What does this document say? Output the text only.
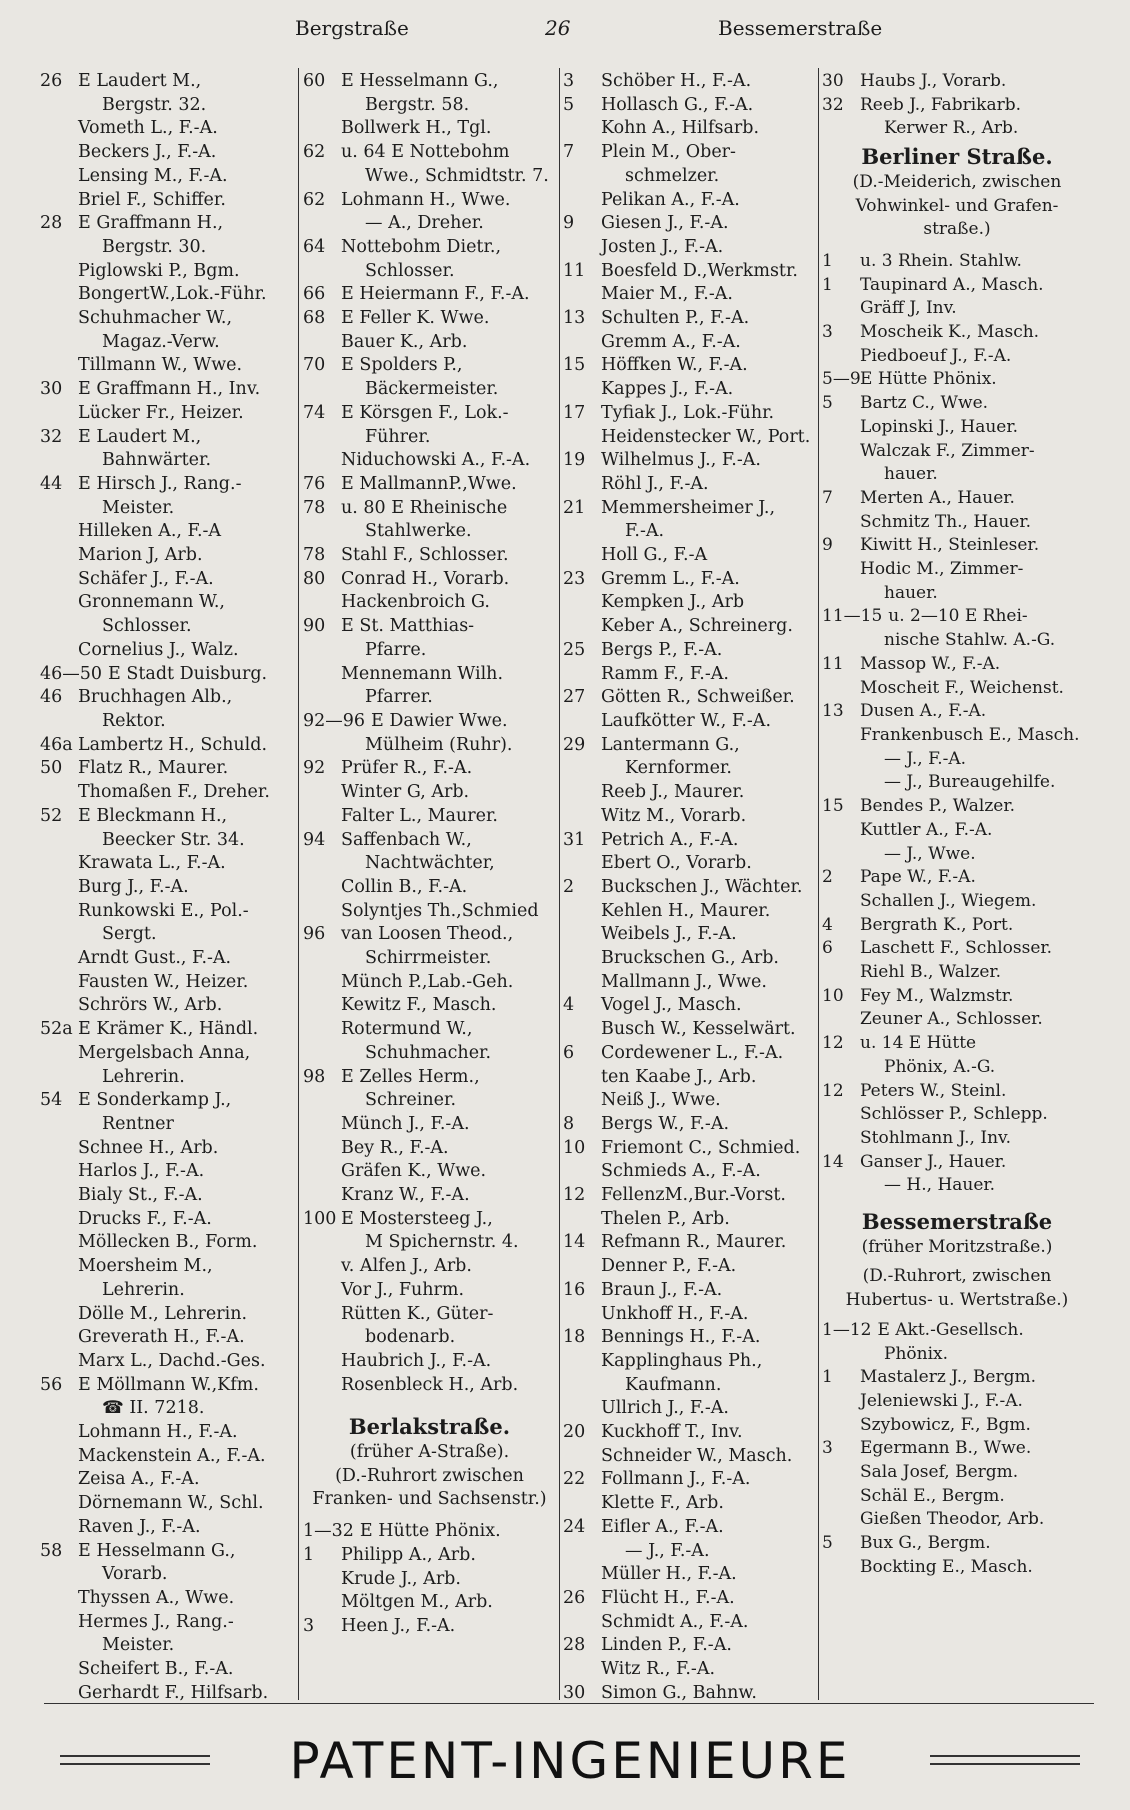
Bergstraße	26	Bessemerstraße
26 E Laudert M.,
Bergstr. 32.
Vometh L., F.-A.
Beckers J., F.-A.
Lensing M., F.-A.
Briel F., Schiffer.
28 E Graffmann H.,
Bergstr. 30.
Piglowski P., Bgm.
BongertW.,Lok.-Führ.
Schuhmacher W.,
Magaz.-Verw.
Tillmann W., Wwe.
30 E Graffmann H., Inv.
Lücker Fr., Heizer.
32 E Laudert M.,
Bahnwärter.
44 E Hirsch J., Rang.-
Meister.
Hilleken A., F.-A
Marion J, Arb.
Schäfer J., F.-A.
Gronnemann W.,
Schlosser.
Cornelius J., Walz.
46—50 E Stadt Duisburg.
46 Bruchhagen Alb.,
Rektor.
46a Lambertz H., Schuld.
50 Flatz R., Maurer.
Thomaßen F., Dreher.
52 E Bleckmann H.,
Beecker Str. 34.
Krawata L., F.-A.
Burg J., F.-A.
Runkowski E., Pol.-
Sergt.
Arndt Gust., F.-A.
Fausten W., Heizer.
Schrörs W., Arb.
52a E Krämer K., Händl.
Mergelsbach Anna,
Lehrerin.
54 E Sonderkamp J.,
Rentner
Schnee H., Arb.
Harlos J., F.-A.
Bialy St., F.-A.
Drucks F., F.-A.
Möllecken B., Form.
Moersheim M.,
Lehrerin.
Dölle M., Lehrerin.
Greverath H., F.-A.
Marx L., Dachd.-Ges.
56 E Möllmann W.,Kfm.
☎ II. 7218.
Lohmann H., F.-A.
Mackenstein A., F.-A.
Zeisa A., F.-A.
Dörnemann W., Schl.
Raven J., F.-A.
58 E Hesselmann G.,
Vorarb.
Thyssen A., Wwe.
Hermes J., Rang.-
Meister.
Scheifert B., F.-A.
Gerhardt F., Hilfsarb.
60 E Hesselmann G.,
Bergstr. 58.
Bollwerk H., Tgl.
62 u. 64 E Nottebohm
Wwe., Schmidtstr. 7.
62 Lohmann H., Wwe.
— A., Dreher.
64 Nottebohm Dietr.,
Schlosser.
66 E Heiermann F., F.-A.
68 E Feller K. Wwe.
Bauer K., Arb.
70 E Spolders P.,
Bäckermeister.
74 E Körsgen F., Lok.-
Führer.
Niduchowski A., F.-A.
76 E MallmannP.,Wwe.
78 u. 80 E Rheinische
Stahlwerke.
78 Stahl F., Schlosser.
80 Conrad H., Vorarb.
Hackenbroich G.
90 E St. Matthias-
Pfarre.
Mennemann Wilh.
Pfarrer.
92—96 E Dawier Wwe.
Mülheim (Ruhr).
92 Prüfer R., F.-A.
Winter G, Arb.
Falter L., Maurer.
94 Saffenbach W.,
Nachtwächter,
Collin B., F.-A.
Solyntjes Th.,Schmied
96 van Loosen Theod.,
Schirrmeister.
Münch P.,Lab.-Geh.
Kewitz F., Masch.
Rotermund W.,
Schuhmacher.
98 E Zelles Herm.,
Schreiner.
Münch J., F.-A.
Bey R., F.-A.
Gräfen K., Wwe.
Kranz W., F.-A.
100 E Mostersteeg J.,
M Spichernstr. 4.
v. Alfen J., Arb.
Vor J., Fuhrm.
Rütten K., Güter-
bodenarb.
Haubrich J., F.-A.
Rosenbleck H., Arb.
Berlakstraße.
(früher A-Straße).
(D.-Ruhrort zwischen
Franken- und Sachsenstr.)
1—32 E Hütte Phönix.
1	Philipp A., Arb.
Krude J., Arb.
Möltgen M., Arb.
3	Heen J., F.-A.
3	Schöber H., F.-A.
5	Hollasch G., F.-A.
Kohn A., Hilfsarb.
7	Plein M., Ober-
schmelzer.
Pelikan A., F.-A.
9	Giesen J., F.-A.
Josten J., F.-A.
11 Boesfeld D.,Werkmstr.
Maier M., F.-A.
13 Schulten P., F.-A.
Gremm A., F.-A.
15 Höffken W., F.-A.
Kappes J., F.-A.
17 Tyfiak J., Lok.-Führ.
Heidenstecker W., Port.
19 Wilhelmus J., F.-A.
Röhl J., F.-A.
21 Memmersheimer J.,
F.-A.
Holl G., F.-A
23 Gremm L., F.-A.
Kempken J., Arb
Keber A., Schreinerg.
25 Bergs P., F.-A.
Ramm F., F.-A.
27 Götten R., Schweißer.
Laufkötter W., F.-A.
29 Lantermann G.,
Kernformer.
Reeb J., Maurer.
Witz M., Vorarb.
31 Petrich A., F.-A.
Ebert O., Vorarb.
2	Buckschen J., Wächter.
Kehlen H., Maurer.
Weibels J., F.-A.
Bruckschen G., Arb.
Mallmann J., Wwe.
4	Vogel J., Masch.
Busch W., Kesselwärt.
6	Cordewener L., F.-A.
ten Kaabe J., Arb.
Neiß J., Wwe.
8	Bergs W., F.-A.
10 Friemont C., Schmied.
Schmieds A., F.-A.
12 FellenzM.,Bur.-Vorst.
Thelen P., Arb.
14 Refmann R., Maurer.
Denner P., F.-A.
16 Braun J., F.-A.
Unkhoff H., F.-A.
18 Bennings H., F.-A.
Kapplinghaus Ph.,
Kaufmann.
Ullrich J., F.-A.
20 Kuckhoff T., Inv.
Schneider W., Masch.
22 Follmann J., F.-A.
Klette F., Arb.
24 Eifler A., F.-A.
— J., F.-A.
Müller H., F.-A.
26 Flücht H., F.-A.
Schmidt A., F.-A.
28 Linden P., F.-A.
Witz R., F.-A.
30 Simon G., Bahnw.
30 Haubs J., Vorarb.
32 Reeb J., Fabrikarb.
Kerwer R., Arb.
Berliner Straße.
(D.-Meiderich, zwischen
Vohwinkel- und Grafen-
straße.)
1	u. 3 Rhein. Stahlw.
1	Taupinard A., Masch.
Gräff J, Inv.
3	Moscheik K., Masch.
Piedboeuf J., F.-A.
5—9 E Hütte Phönix.
5	Bartz C., Wwe.
Lopinski J., Hauer.
Walczak F., Zimmer-
hauer.
7	Merten A., Hauer.
Schmitz Th., Hauer.
9	Kiwitt H., Steinleser.
Hodic M., Zimmer-
hauer.
11—15 u. 2—10 E Rhei-
nische Stahlw. A.-G.
11 Massop W., F.-A.
Moscheit F., Weichenst.
13 Dusen A., F.-A.
Frankenbusch E., Masch.
— J., F.-A.
— J., Bureaugehilfe.
15 Bendes P., Walzer.
Kuttler A., F.-A.
— J., Wwe.
2	Pape W., F.-A.
Schallen J., Wiegem.
4	Bergrath K., Port.
6	Laschett F., Schlosser.
Riehl B., Walzer.
10 Fey M., Walzmstr.
Zeuner A., Schlosser.
12 u. 14 E Hütte
Phönix, A.-G.
12 Peters W., Steinl.
Schlösser P., Schlepp.
Stohlmann J., Inv.
14 Ganser J., Hauer.
— H., Hauer.
Bessemerstraße
(früher Moritzstraße.)
(D.-Ruhrort, zwischen
Hubertus- u. Wertstraße.)
1—12 E Akt.-Gesellsch.
Phönix.
1	Mastalerz J., Bergm.
Jeleniewski J., F.-A.
Szybowicz, F., Bgm.
3	Egermann B., Wwe.
Sala Josef, Bergm.
Schäl E., Bergm.
Gießen Theodor, Arb.
5	Bux G., Bergm.
Bockting E., Masch.
PATENT-INGENIEURE
